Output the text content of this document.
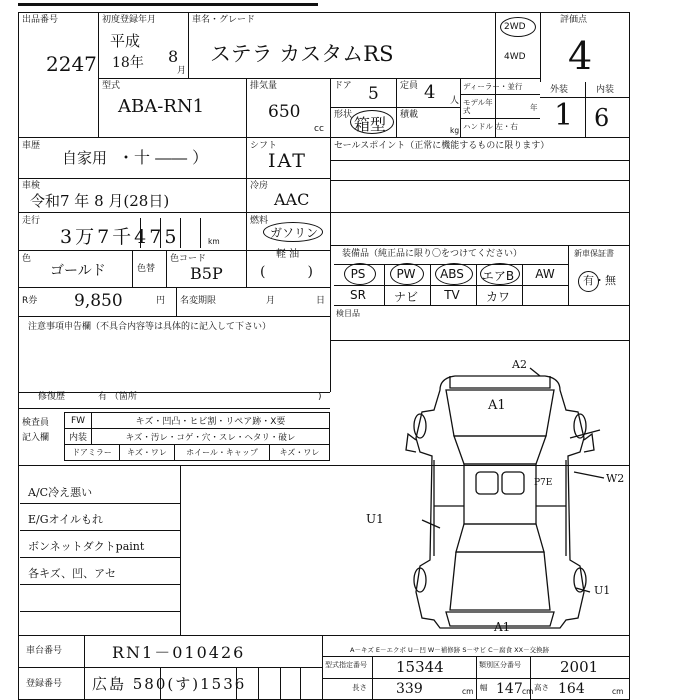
出品番号
2247
初度登録年月
平成
18年 8
月
車名・グレード
ステラ カスタムRS
2WD
4WD
評価点
4
型式
ABA-RN1
排気量
650
cc
ドア 5 定員 4 人
形状 箱型 積載
kg
ディーラー・並行
モデル年式
ハンドル 左・右
年
外装	内装
1 6
車歴
自家用 ・十 ―― ）
シフト
IAT
車検
令和7 年 8 月(28日)
冷房
AAC
走行
3万7千475	km
燃料
ガソリン
軽 油
色
ゴールド	色替
色コード
B5P	(   )
R券 9,850	円 名変期限	月	日
注意事項申告欄（不具合内容等は具体的に記入して下さい）
修復歴	有 （箇所	)
セールスポイント（正常に機能するものに限ります）
装備品（純正品に限り〇をつけてください）	新車保証書
有・無
PS	PW	ABS	エアB	AW
SR	ナビ	TV	カワ
検目品
検査員
記入欄
FW	キズ・凹凸・ヒビ割・リペア跡・X要
内装	キズ・汚レ・コゲ・穴・スレ・ヘタリ・破レ
ドアミラー	キズ・ワレ	ホイール・キャップ	キズ・ワレ
A/C冷え悪い
E/Gオイルもれ
ボンネットダクトpaint
各キズ、凹、アセ
A2
A1
P7E	W2
U1
U1
A1
車台番号	RN1－010426
登録番号 広島 580(す)1536
A－キズ E－エクボ U－凹 W－補修跡 S－サビ C－腐食 XX－交換跡
型式指定番号 15344	類別区分番号	2001
長さ 339	cm 幅 147 cm 高さ 164	cm
